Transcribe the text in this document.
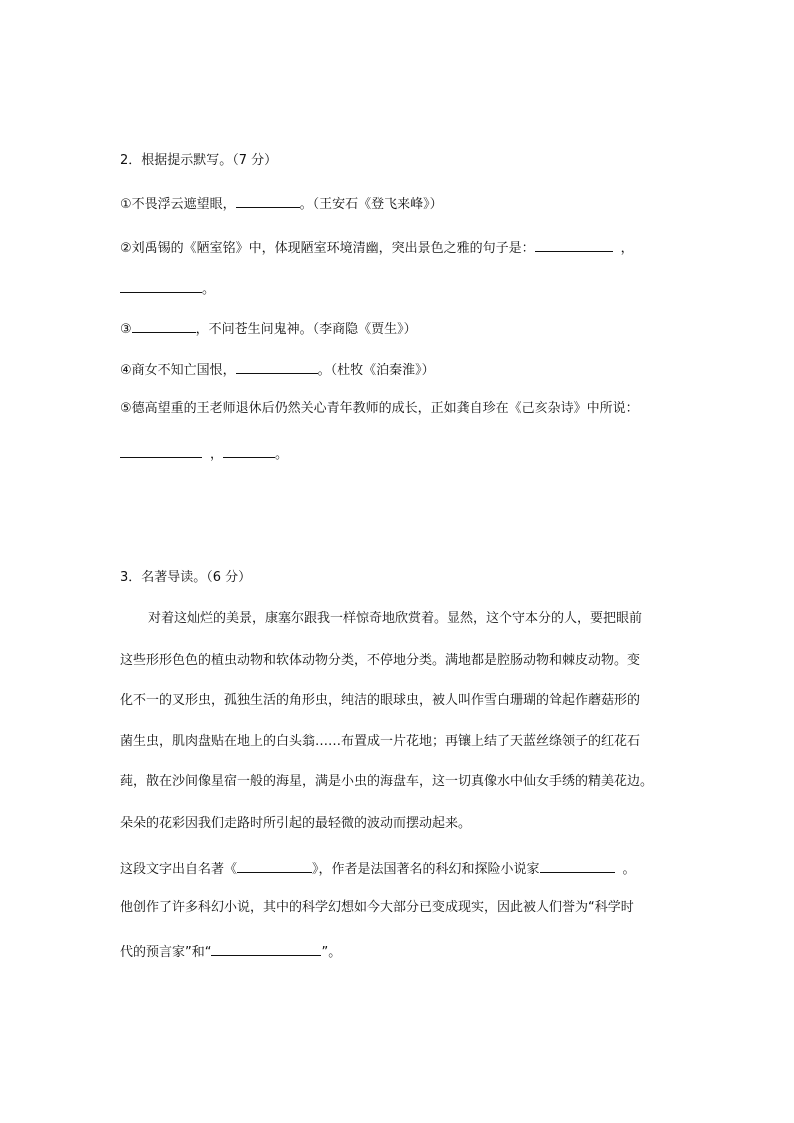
2．根据提示默写。（7 分）
①不畏浮云遮望眼，	。（王安石《登飞来峰》）
②刘禹锡的《陋室铭》中，体现陋室环境清幽，突出景色之雅的句子是：	，
。
③	，不问苍生问鬼神。（李商隐《贾生》）
④商女不知亡国恨，	。（杜牧《泊秦淮》）
⑤德高望重的王老师退休后仍然关心青年教师的成长，正如龚自珍在《己亥杂诗》中所说：
，	。
3．名著导读。（6 分）
对着这灿烂的美景，康塞尔跟我一样惊奇地欣赏着。显然，这个守本分的人，要把眼前
这些形形色色的植虫动物和软体动物分类，不停地分类。满地都是腔肠动物和棘皮动物。变
化不一的叉形虫，孤独生活的角形虫，纯洁的眼球虫，被人叫作雪白珊瑚的耸起作蘑菇形的
菌生虫，肌肉盘贴在地上的白头翁……布置成一片花地；再镶上结了天蓝丝绦领子的红花石
莼，散在沙间像星宿一般的海星，满是小虫的海盘车，这一切真像水中仙女手绣的精美花边。
朵朵的花彩因我们走路时所引起的最轻微的波动而摆动起来。
这段文字出自名著《	》，作者是法国著名的科幻和探险小说家	。
他创作了许多科幻小说，其中的科学幻想如今大部分已变成现实，因此被人们誉为“科学时
代的预言家”和“	”。
